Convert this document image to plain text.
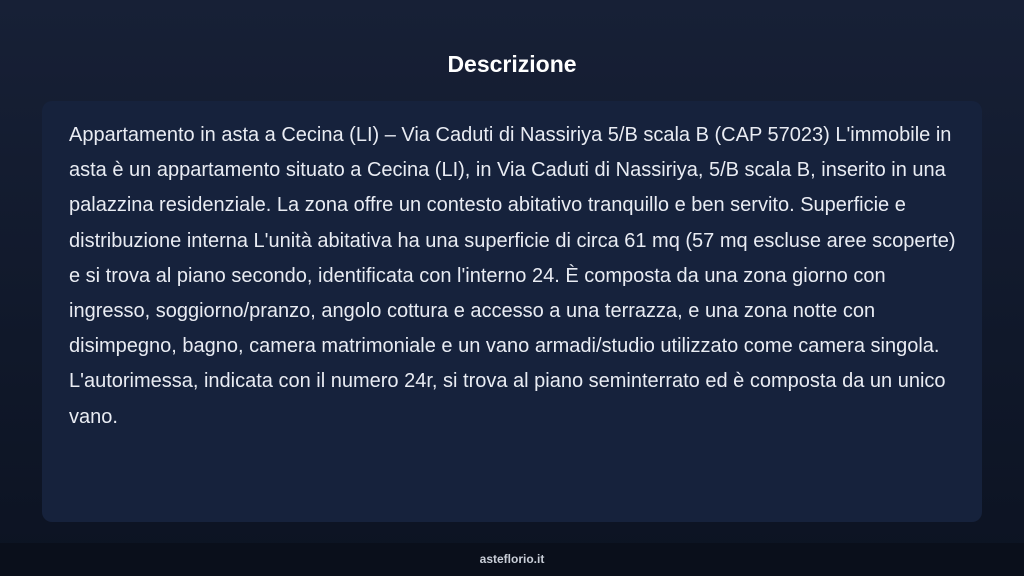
Descrizione

Appartamento in asta a Cecina (LI) – Via Caduti di Nassiriya 5/B scala B (CAP 57023) L'immobile in asta è un appartamento situato a Cecina (LI), in Via Caduti di Nassiriya, 5/B scala B, inserito in una palazzina residenziale. La zona offre un contesto abitativo tranquillo e ben servito. Superficie e distribuzione interna L'unità abitativa ha una superficie di circa 61 mq (57 mq escluse aree scoperte) e si trova al piano secondo, identificata con l'interno 24. È composta da una zona giorno con ingresso, soggiorno/pranzo, angolo cottura e accesso a una terrazza, e una zona notte con disimpegno, bagno, camera matrimoniale e un vano armadi/studio utilizzato come camera singola. L'autorimessa, indicata con il numero 24r, si trova al piano seminterrato ed è composta da un unico vano.

asteflorio.it
